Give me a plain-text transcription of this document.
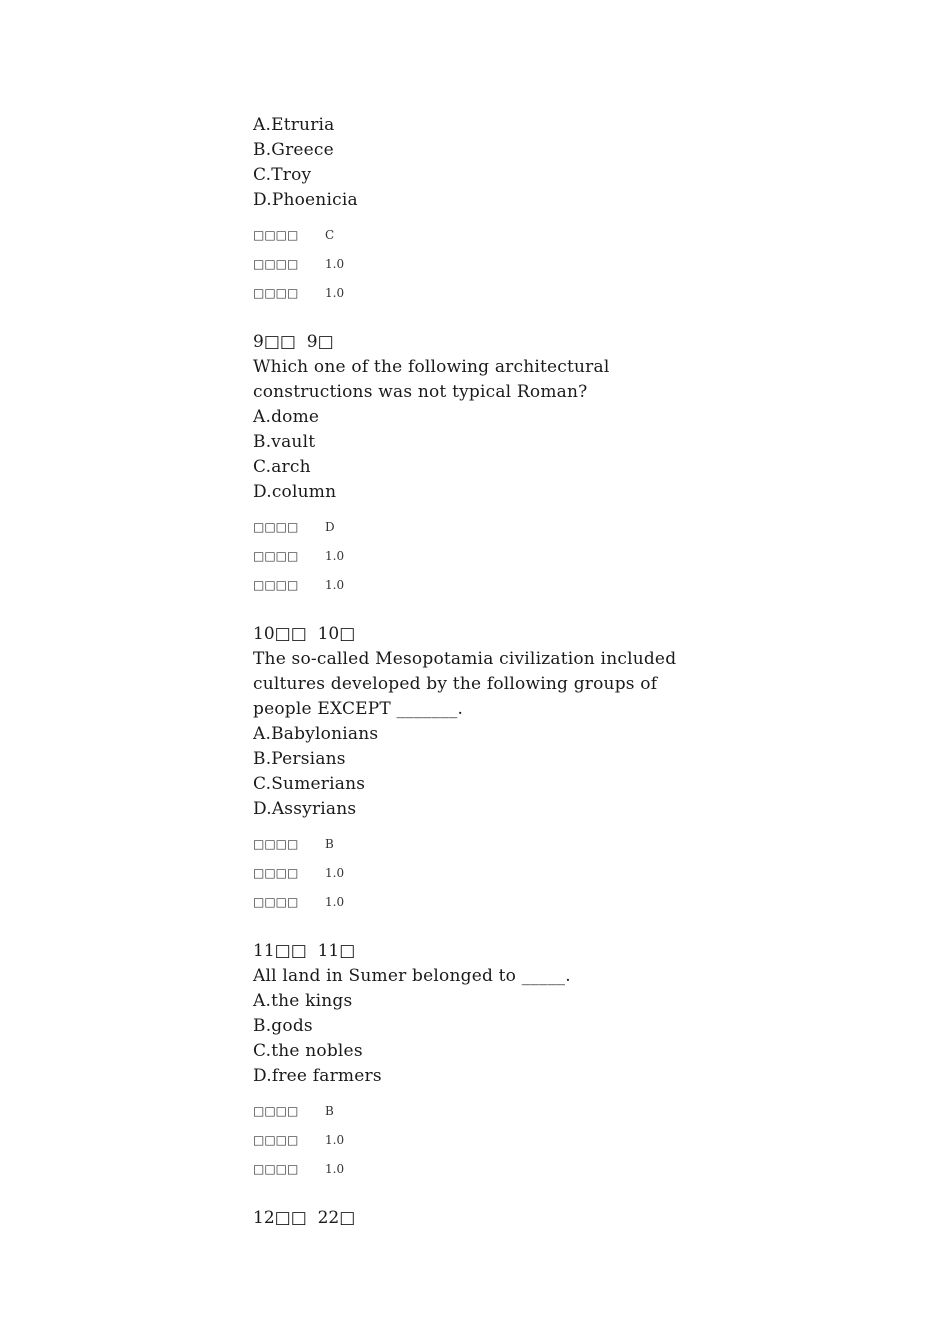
A.Etruria
B.Greece
C.Troy
D.Phoenicia
□□□□	C
□□□□	1.0
□□□□	1.0
9□□  9□
Which one of the following architectural
constructions was not typical Roman?
A.dome
B.vault
C.arch
D.column
□□□□	D
□□□□	1.0
□□□□	1.0
10□□  10□
The so-called Mesopotamia civilization included
cultures developed by the following groups of
people EXCEPT _______.
A.Babylonians
B.Persians
C.Sumerians
D.Assyrians
□□□□	B
□□□□	1.0
□□□□	1.0
11□□  11□
All land in Sumer belonged to _____.
A.the kings
B.gods
C.the nobles
D.free farmers
□□□□	B
□□□□	1.0
□□□□	1.0
12□□  22□
